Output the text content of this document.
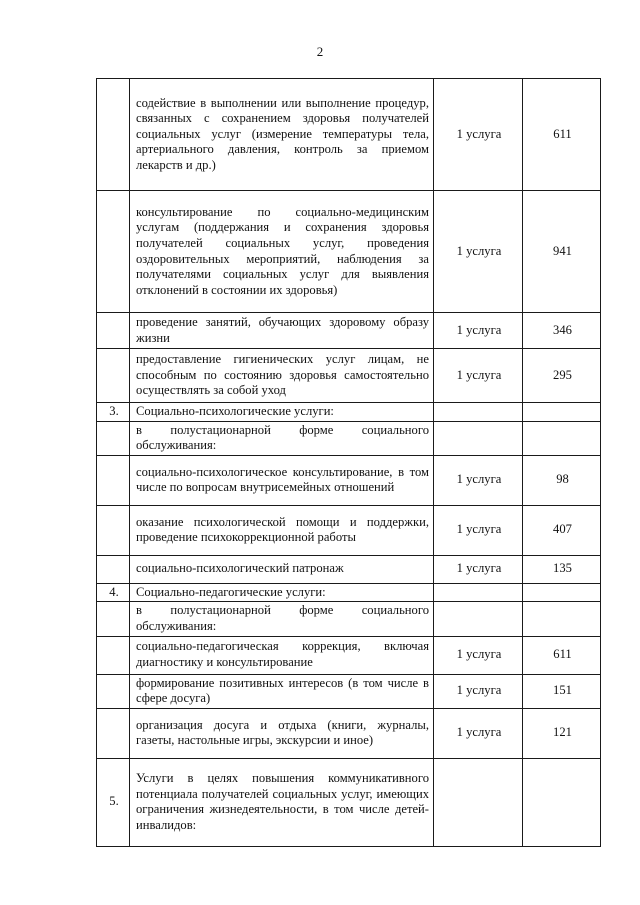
2
	содействие в выполнении или выполнение процедур, связанных с сохранением здоровья получателей социальных услуг (измерение температуры тела, артериального давления, контроль за приемом лекарств и др.)	1 услуга	611
	консультирование по социально-медицинским услугам (поддержания и сохранения здоровья получателей социальных услуг, проведения оздоровительных мероприятий, наблюдения за получателями социальных услуг для выявления отклонений в состоянии их здоровья)	1 услуга	941
	проведение занятий, обучающих здоровому образу жизни	1 услуга	346
	предоставление гигиенических услуг лицам, не способным по состоянию здоровья самостоятельно осуществлять за собой уход	1 услуга	295
3.	Социально-психологические услуги:		
	в полустационарной форме социального обслуживания:		
	социально-психологическое консультирование, в том числе по вопросам внутрисемейных отношений	1 услуга	98
	оказание психологической помощи и поддержки, проведение психокоррекционной работы	1 услуга	407
	социально-психологический патронаж	1 услуга	135
4.	Социально-педагогические услуги:		
	в полустационарной форме социального обслуживания:		
	социально-педагогическая коррекция, включая диагностику и консультирование	1 услуга	611
	формирование позитивных интересов (в том числе в сфере досуга)	1 услуга	151
	организация досуга и отдыха (книги, журналы, газеты, настольные игры, экскурсии и иное)	1 услуга	121
5.	Услуги в целях повышения коммуникативного потенциала получателей социальных услуг, имеющих ограничения жизнедеятельности, в том числе детей-инвалидов:		
